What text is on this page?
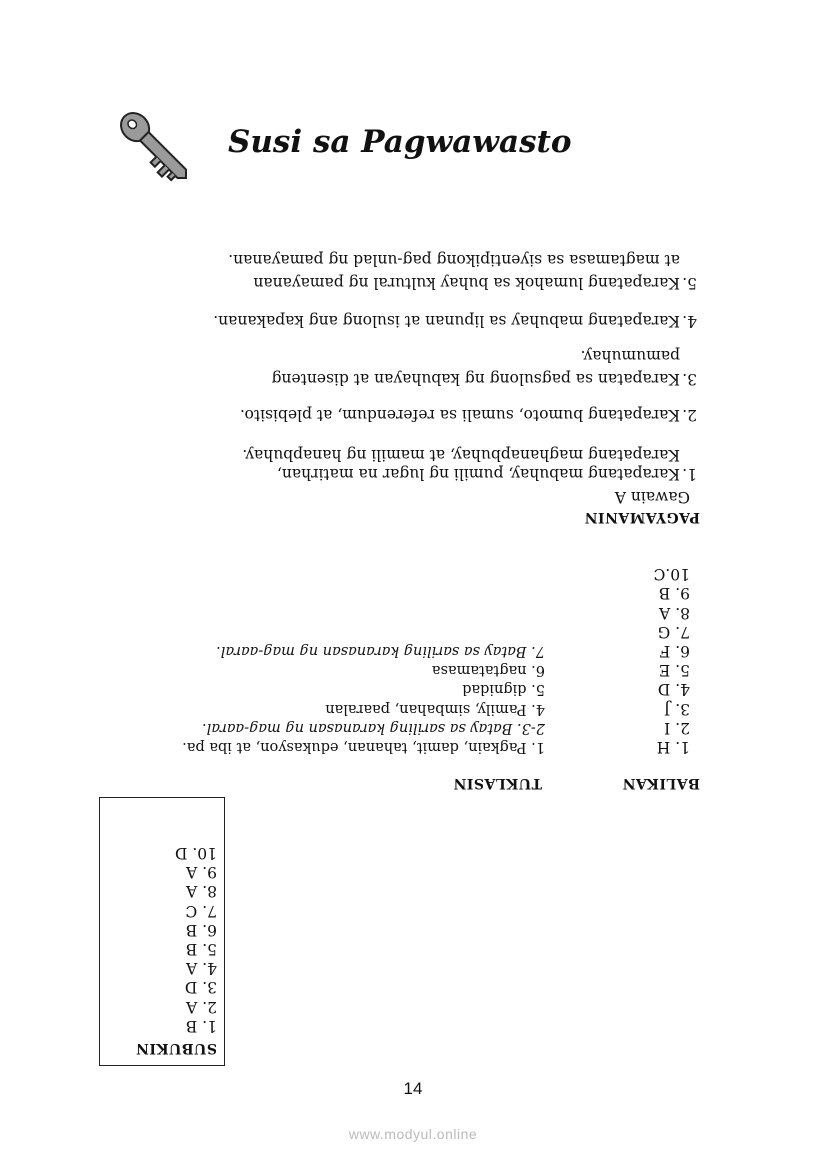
Susi sa Pagwawasto
SUBUKIN
1. B
2. A
3. D
4. A
5. B
6. B
7. C
8. A
9. A
10. D
BALIKAN
1. H
2. I
3. J
4. D
5. E
6. F
7. G
8. A
9. B
10.C
TUKLASIN
1. Pagkain, damit, tahanan, edukasyon, at iba pa.
2-3. Batay sa sariling karanasan ng mag-aaral.
4. Pamily, simbahan, paaralan
5. dignidad
6. nagtatamasa
7. Batay sa sariling karanasan ng mag-aaral.
PAGYAMANIN
Gawain A
1.
Karapatang mabuhay, pumili ng lugar na matirhan,
Karapatang maghanapbuhay, at mamili ng hanapbuhay.
2.
Karapatang bumoto, sumali sa referendum, at plebisito.
3.
Karapatan sa pagsulong ng kabuhayan at disenteng
pamumuhay.
4.
Karapatang mabuhay sa lipunan at isulong ang kapakanan.
5.
Karapatang lumahok sa buhay kultural ng pamayanan
at magtamasa sa siyentipikong pag-unlad ng pamayanan.
14
www.modyul.online
